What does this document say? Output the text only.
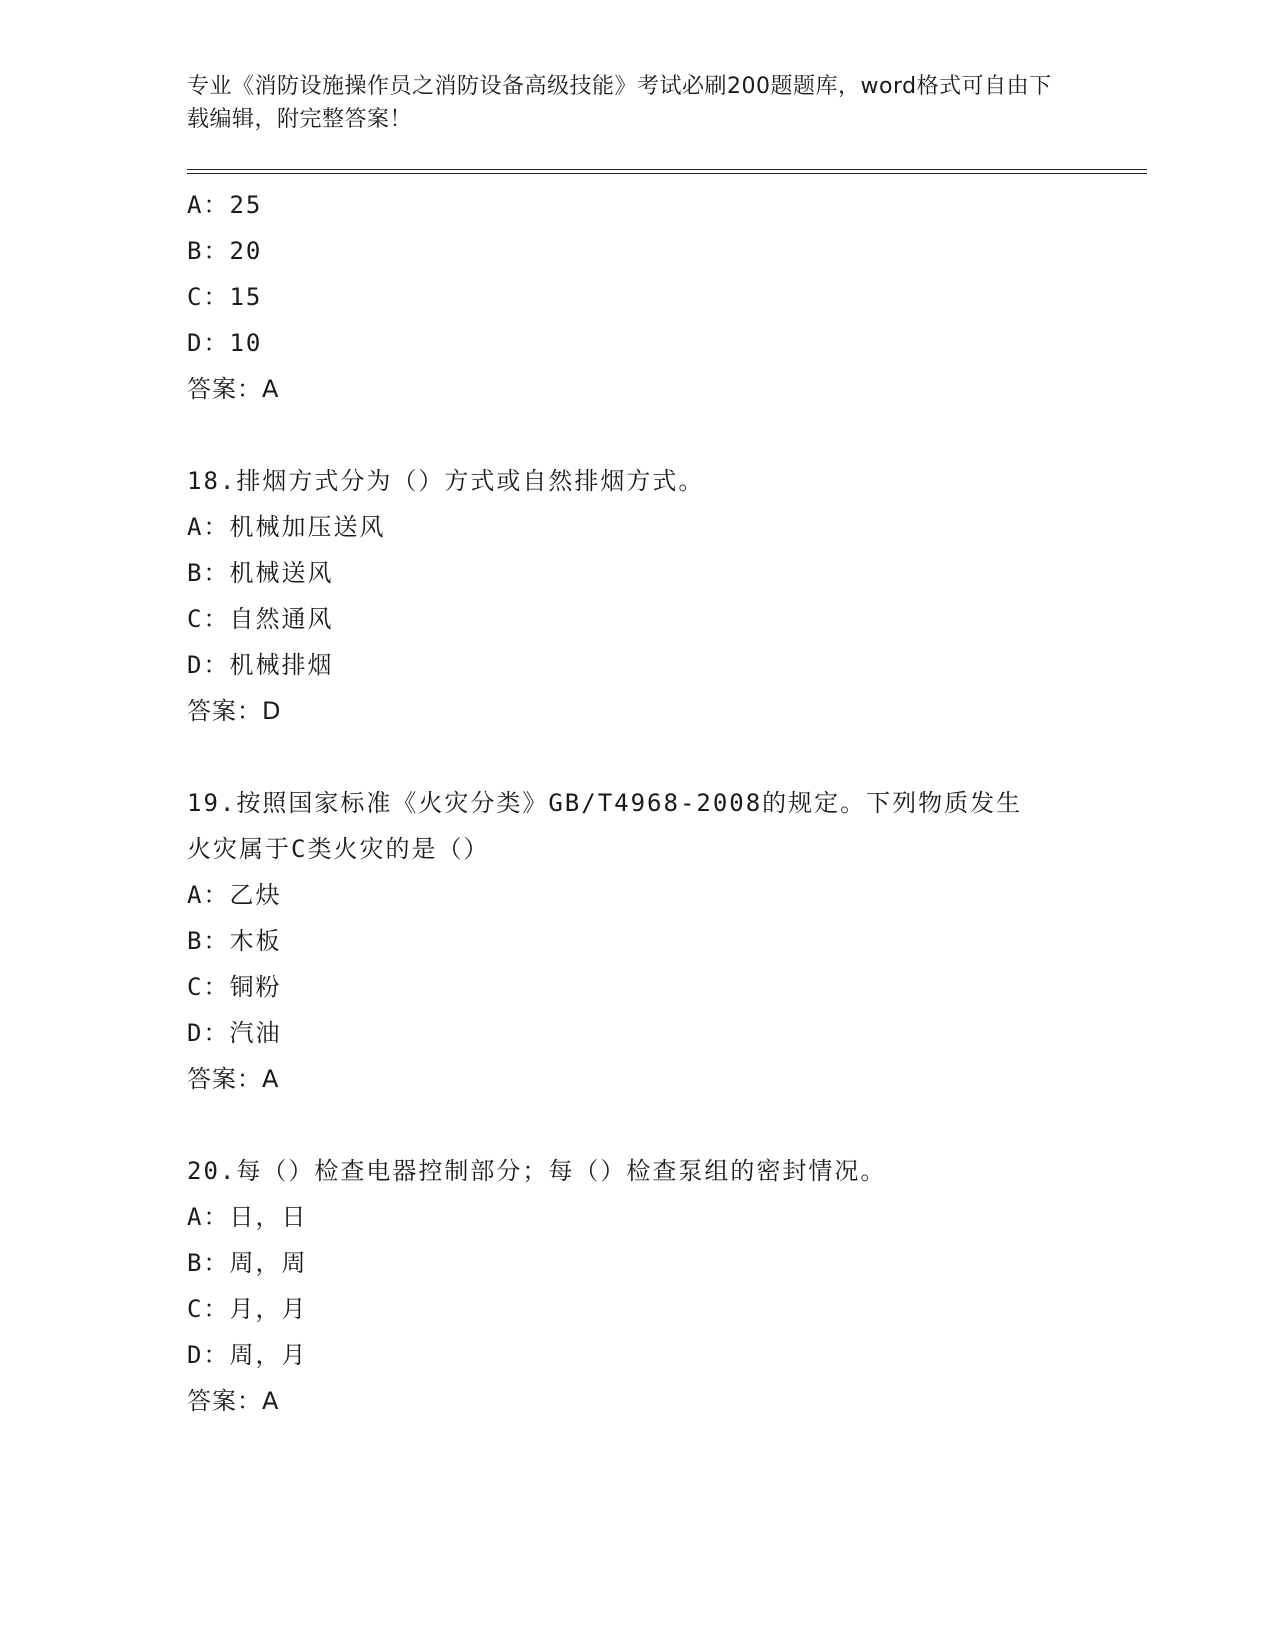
专业《消防设施操作员之消防设备高级技能》考试必刷200题题库，word格式可自由下载编辑，附完整答案！
A：25
B：20
C：15
D：10
答案：A
18.排烟方式分为（）方式或自然排烟方式。
A：机械加压送风
B：机械送风
C：自然通风
D：机械排烟
答案：D
19.按照国家标准《火灾分类》GB/T4968-2008的规定。下列物质发生
火灾属于C类火灾的是（）
A：乙炔
B：木板
C：铜粉
D：汽油
答案：A
20.每（）检查电器控制部分；每（）检查泵组的密封情况。
A：日，日
B：周，周
C：月，月
D：周，月
答案：A
